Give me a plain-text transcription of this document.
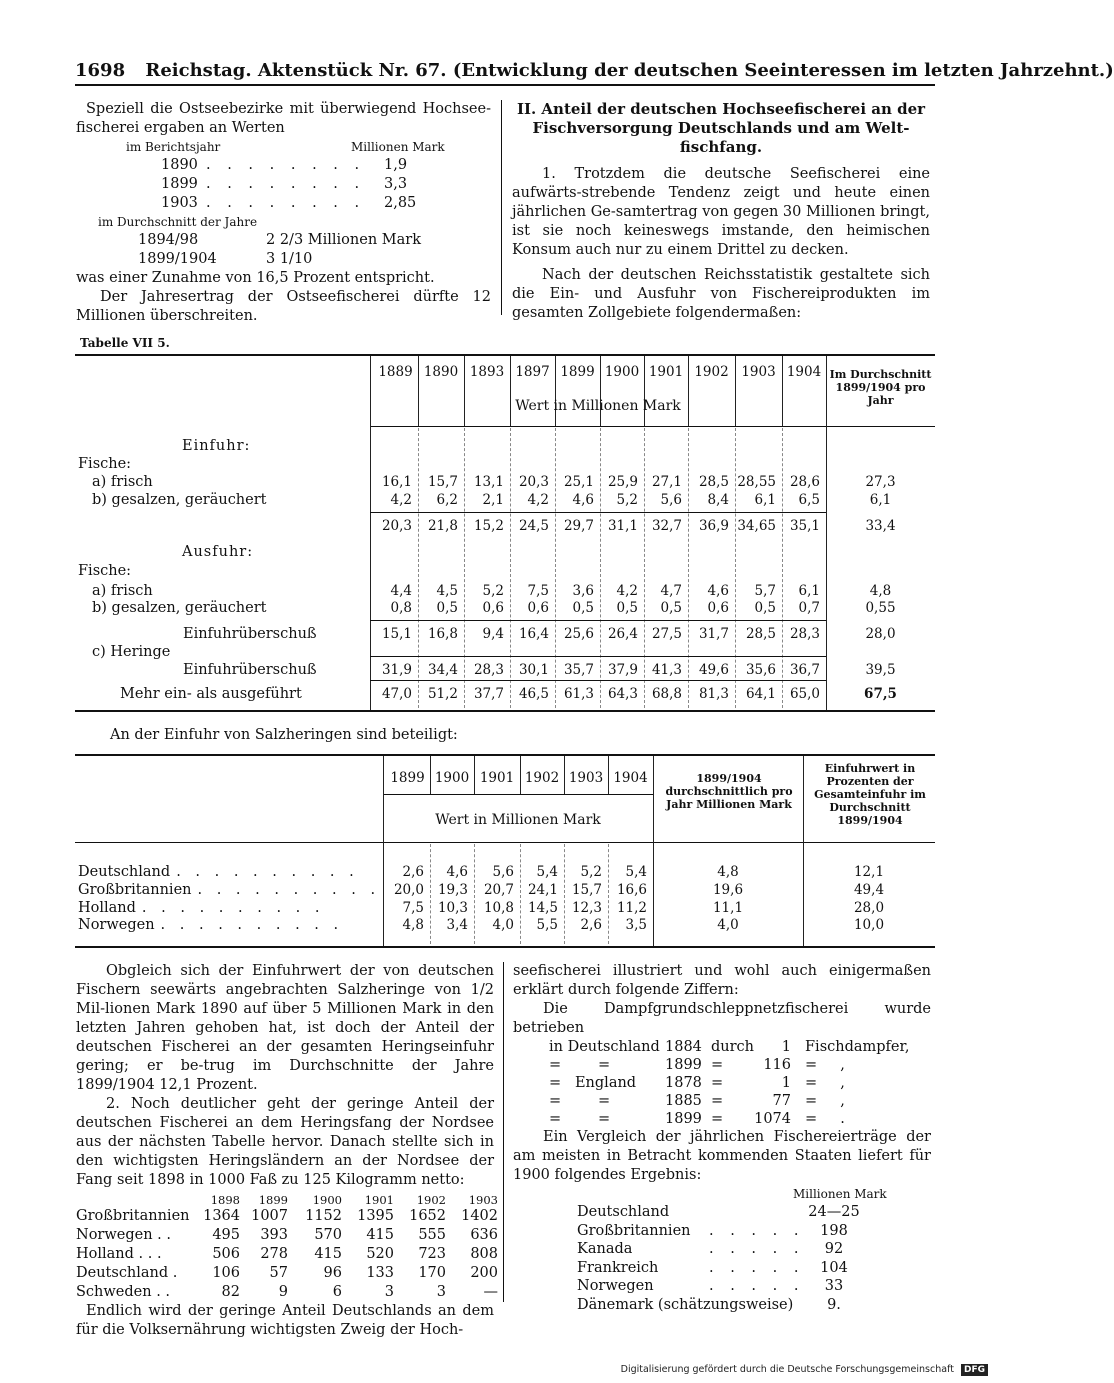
1698 Reichstag. Aktenstück Nr. 67. (Entwicklung der deutschen Seeinteressen im letzten Jahrzehnt.)

Speziell die Ostseebezirke mit überwiegend Hochsee-fischerei ergaben an Werten

im Berichtsjahr	Millionen Mark
1890 . . . . . . . . 1,9
1899 . . . . . . . . 3,3
1903 . . . . . . . . 2,85
im Durchschnitt der Jahre
1894/98	2 2/3 Millionen Mark
1899/1904	3 1/10

was einer Zunahme von 16,5 Prozent entspricht.

Der Jahresertrag der Ostseefischerei dürfte 12 Millionen überschreiten.

II. Anteil der deutschen Hochseefischerei an der Fischversorgung Deutschlands und am Welt-fischfang.

1. Trotzdem die deutsche Seefischerei eine aufwärts-strebende Tendenz zeigt und heute einen jährlichen Ge-samtertrag von gegen 30 Millionen bringt, ist sie noch keineswegs imstande, den heimischen Konsum auch nur zu einem Drittel zu decken.

Nach der deutschen Reichsstatistik gestaltete sich die Ein- und Ausfuhr von Fischereiprodukten im gesamten Zollgebiete folgendermaßen:

Tabelle VII 5.
1889 1890 1893 1897 1899 1900 1901 1902 1903 1904
Wert in Millionen Mark
Im Durchschnitt 1899/1904 pro Jahr
Einfuhr:
Fische:
Ausfuhr:
Fische:
a) frisch	16,1	15,7	13,1	20,3	25,1	25,9	27,1	28,5 28,55	28,6	27,3
b) gesalzen, geräuchert	4,2	6,2	2,1	4,2	4,6	5,2	5,6	8,4	6,1	6,5	6,1
20,3	21,8	15,2	24,5	29,7	31,1	32,7	36,9 34,65	35,1	33,4
a) frisch	4,4	4,5	5,2	7,5	3,6	4,2	4,7	4,6	5,7	6,1	4,8
b) gesalzen, geräuchert	0,8	0,5	0,6	0,6	0,5	0,5	0,5	0,6	0,5	0,7	0,55
Einfuhrüberschuß	15,1	16,8	9,4	16,4	25,6	26,4	27,5	31,7	28,5	28,3	28,0
c) Heringe
Einfuhrüberschuß	31,9	34,4	28,3	30,1	35,7	37,9	41,3	49,6	35,6	36,7	39,5
Mehr ein- als ausgeführt	47,0	51,2	37,7	46,5	61,3	64,3	68,8	81,3	64,1	65,0	67,5
An der Einfuhr von Salzheringen sind beteiligt:
1899 1900 1901 1902 1903 1904
Wert in Millionen Mark
1899/1904 durchschnittlich pro Jahr Millionen Mark
Einfuhrwert in Prozenten der Gesamteinfuhr im Durchschnitt 1899/1904
Deutschland . . . . . . . . . .	2,6	4,6	5,6	5,4	5,2	5,4	4,8	12,1
Großbritannien . . . . . . . . . .	20,0	19,3	20,7	24,1	15,7	16,6	19,6	49,4
Holland . . . . . . . . . .	7,5	10,3	10,8	14,5	12,3	11,2	11,1	28,0
Norwegen . . . . . . . . . .	4,8	3,4	4,0	5,5	2,6	3,5	4,0	10,0

Obgleich sich der Einfuhrwert der von deutschen Fischern seewärts angebrachten Salzheringe von 1/2 Mil-lionen Mark 1890 auf über 5 Millionen Mark in den letzten Jahren gehoben hat, ist doch der Anteil der deutschen Fischerei an der gesamten Heringseinfuhr gering; er be-trug im Durchschnitte der Jahre 1899/1904 12,1 Prozent.

2. Noch deutlicher geht der geringe Anteil der deutschen Fischerei an dem Heringsfang der Nordsee aus der nächsten Tabelle hervor. Danach stellte sich in den wichtigsten Heringsländern an der Nordsee der Fang seit 1898 in 1000 Faß zu 125 Kilogramm netto:

1898	1899	1900	1901	1902	1903
Großbritannien 1364 1007	1152	1395	1652	1402
Norwegen . .	495	393	570	415	555	636
Holland . . .	506	278	415	520	723	808
Deutschland .	106	57	96	133	170	200
Schweden . .	82	9	6	3	3	—

Endlich wird der geringe Anteil Deutschlands an dem für die Volksernährung wichtigsten Zweig der Hoch-

seefischerei illustriert und wohl auch einigermaßen erklärt durch folgende Ziffern:

Die Dampfgrundschleppnetzfischerei wurde betrieben

in Deutschland 1884 durch	1 Fischdampfer,
=        =	1899 =	116 =     ,
=   England 1878 =	1 =     ,
=        =	1885 =	77 =     ,
=        =	1899 = 1074 =     .

Ein Vergleich der jährlichen Fischereierträge der am meisten in Betracht kommenden Staaten liefert für 1900 folgendes Ergebnis:

Millionen Mark
Deutschland	24—25
Großbritannien . . . . .	198
Kanada	. . . . .	92
Frankreich	. . . . .	104
Norwegen	. . . . .	33
Dänemark (schätzungsweise)	9.
Digitalisierung gefördert durch die Deutsche Forschungsgemeinschaft DFG
